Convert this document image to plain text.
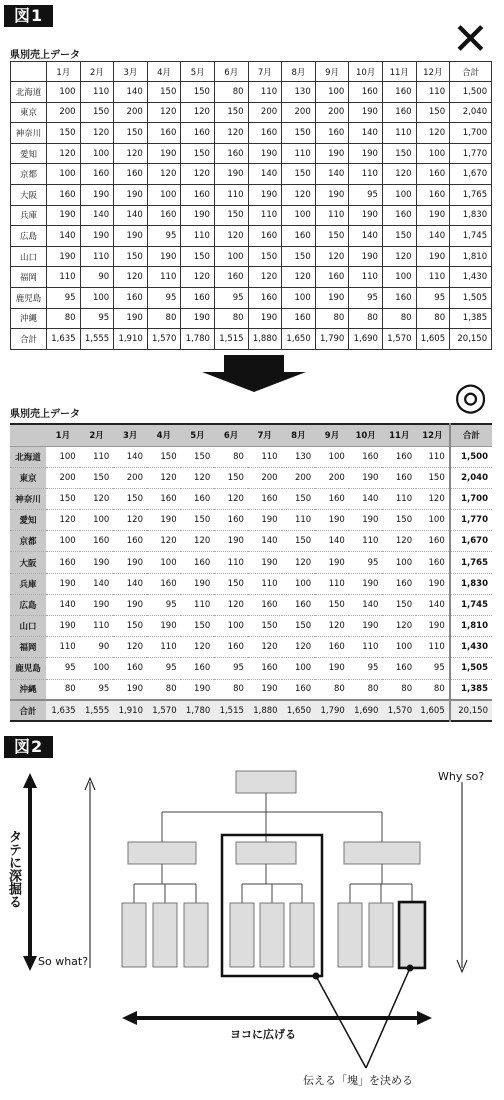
図1
県別売上データ	✕
	1月	2月	3月	4月	5月	6月	7月	8月	9月	10月	11月	12月	合計
北海道	100	110	140	150	150	80	110	130	100	160	160	110	1,500
東京	200	150	200	120	120	150	200	200	200	190	160	150	2,040
神奈川	150	120	150	160	160	120	160	150	160	140	110	120	1,700
愛知	120	100	120	190	150	160	190	110	190	190	150	100	1,770
京都	100	160	160	120	120	190	140	150	140	110	120	160	1,670
大阪	160	190	190	100	160	110	190	120	190	95	100	160	1,765
兵庫	190	140	140	160	190	150	110	100	110	190	160	190	1,830
広島	140	190	190	95	110	120	160	160	150	140	150	140	1,745
山口	190	110	150	190	150	100	150	150	120	190	120	190	1,810
福岡	110	90	120	110	120	160	120	120	160	110	100	110	1,430
鹿児島	95	100	160	95	160	95	160	100	190	95	160	95	1,505
沖縄	80	95	190	80	190	80	190	160	80	80	80	80	1,385
合計	1,635	1,555	1,910	1,570	1,780	1,515	1,880	1,650	1,790	1,690	1,570	1,605	20,150
県別売上データ	◎
	1月	2月	3月	4月	5月	6月	7月	8月	9月	10月	11月	12月	合計
北海道	100	110	140	150	150	80	110	130	100	160	160	110	1,500
東京	200	150	200	120	120	150	200	200	200	190	160	150	2,040
神奈川	150	120	150	160	160	120	160	150	160	140	110	120	1,700
愛知	120	100	120	190	150	160	190	110	190	190	150	100	1,770
京都	100	160	160	120	120	190	140	150	140	110	120	160	1,670
大阪	160	190	190	100	160	110	190	120	190	95	100	160	1,765
兵庫	190	140	140	160	190	150	110	100	110	190	160	190	1,830
広島	140	190	190	95	110	120	160	160	150	140	150	140	1,745
山口	190	110	150	190	150	100	150	150	120	190	120	190	1,810
福岡	110	90	120	110	120	160	120	120	160	110	100	110	1,430
鹿児島	95	100	160	95	160	95	160	100	190	95	160	95	1,505
沖縄	80	95	190	80	190	80	190	160	80	80	80	80	1,385
合計	1,635	1,555	1,910	1,570	1,780	1,515	1,880	1,650	1,790	1,690	1,570	1,605	20,150
図2
タテに深掘る
So what?
Why so?
ヨコに広げる
伝える「塊」を決める
